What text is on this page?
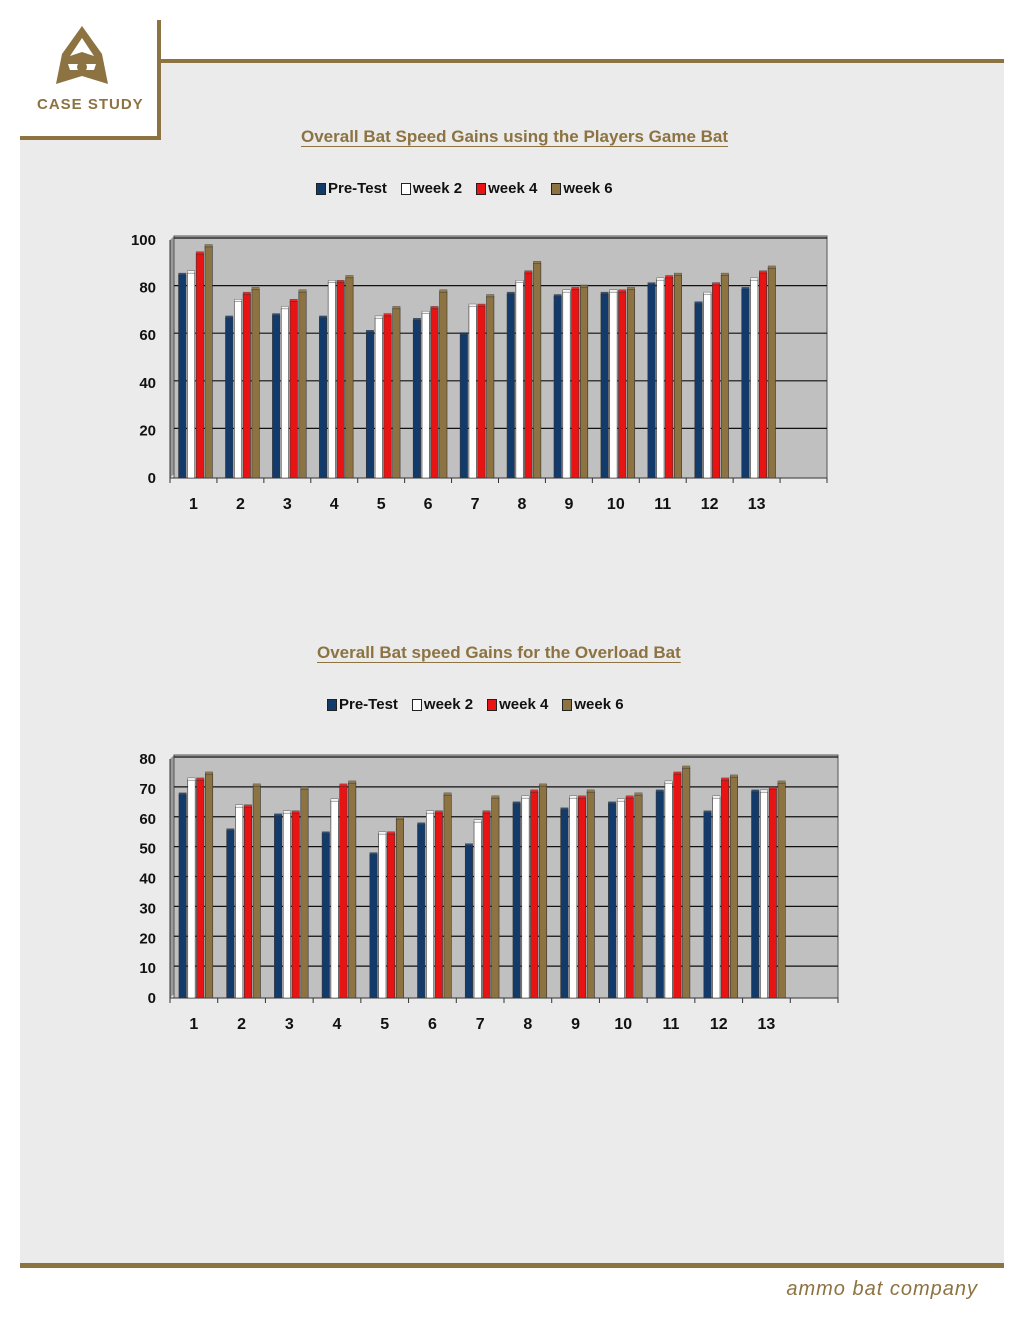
CASE STUDY
Overall Bat Speed Gains using the Players Game Bat
Pre-Test week 2 week 4 week 6
0
20
40
60
80
100
1 2 3 4 5 6 7 8 9 10 11 12 13
Overall Bat speed Gains for the Overload Bat
Pre-Test week 2 week 4 week 6
0
10
20
30
40
50
60
70
80
1 2 3 4 5 6 7 8 9 10 11 12 13
ammo bat company
